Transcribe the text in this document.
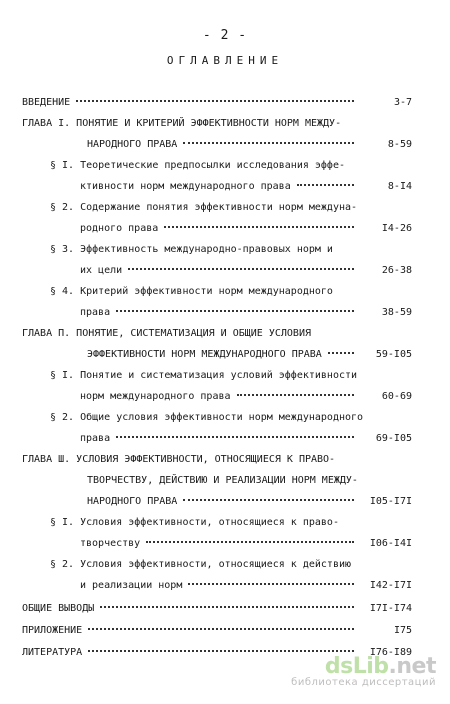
- 2 -
ОГЛАВЛЕНИЕ
ВВЕДЕНИЕ	3-7
ГЛАВА I. ПОНЯТИЕ И КРИТЕРИЙ ЭФФЕКТИВНОСТИ НОРМ МЕЖДУ-
НАРОДНОГО ПРАВА	8-59
§ I. Теоретические предпосылки исследования эффе-
ктивности норм международного права	8-I4
§ 2. Содержание понятия эффективности норм междуна-
родного права	I4-26
§ 3. Эффективность международно-правовых норм и
их цели	26-38
§ 4. Критерий эффективности норм международного
права	38-59
ГЛАВА П. ПОНЯТИЕ, СИСТЕМАТИЗАЦИЯ И ОБЩИЕ УСЛОВИЯ
ЭФФЕКТИВНОСТИ НОРМ МЕЖДУНАРОДНОГО ПРАВА	59-I05
§ I. Понятие и систематизация условий эффективности
норм международного права	60-69
§ 2. Общие условия эффективности норм международного
права	69-I05
ГЛАВА Ш. УСЛОВИЯ ЭФФЕКТИВНОСТИ, ОТНОСЯЩИЕСЯ К ПРАВО-
ТВОРЧЕСТВУ, ДЕЙСТВИЮ И РЕАЛИЗАЦИИ НОРМ МЕЖДУ-
НАРОДНОГО ПРАВА	I05-I7I
§ I. Условия эффективности, относящиеся к право-
творчеству	I06-I4I
§ 2. Условия эффективности, относящиеся к действию
и реализации норм	I42-I7I
ОБЩИЕ ВЫВОДЫ	I7I-I74
ПРИЛОЖЕНИЕ	I75
ЛИТЕРАТУРА	I76-I89
dsLib.net
библиотека диссертаций
